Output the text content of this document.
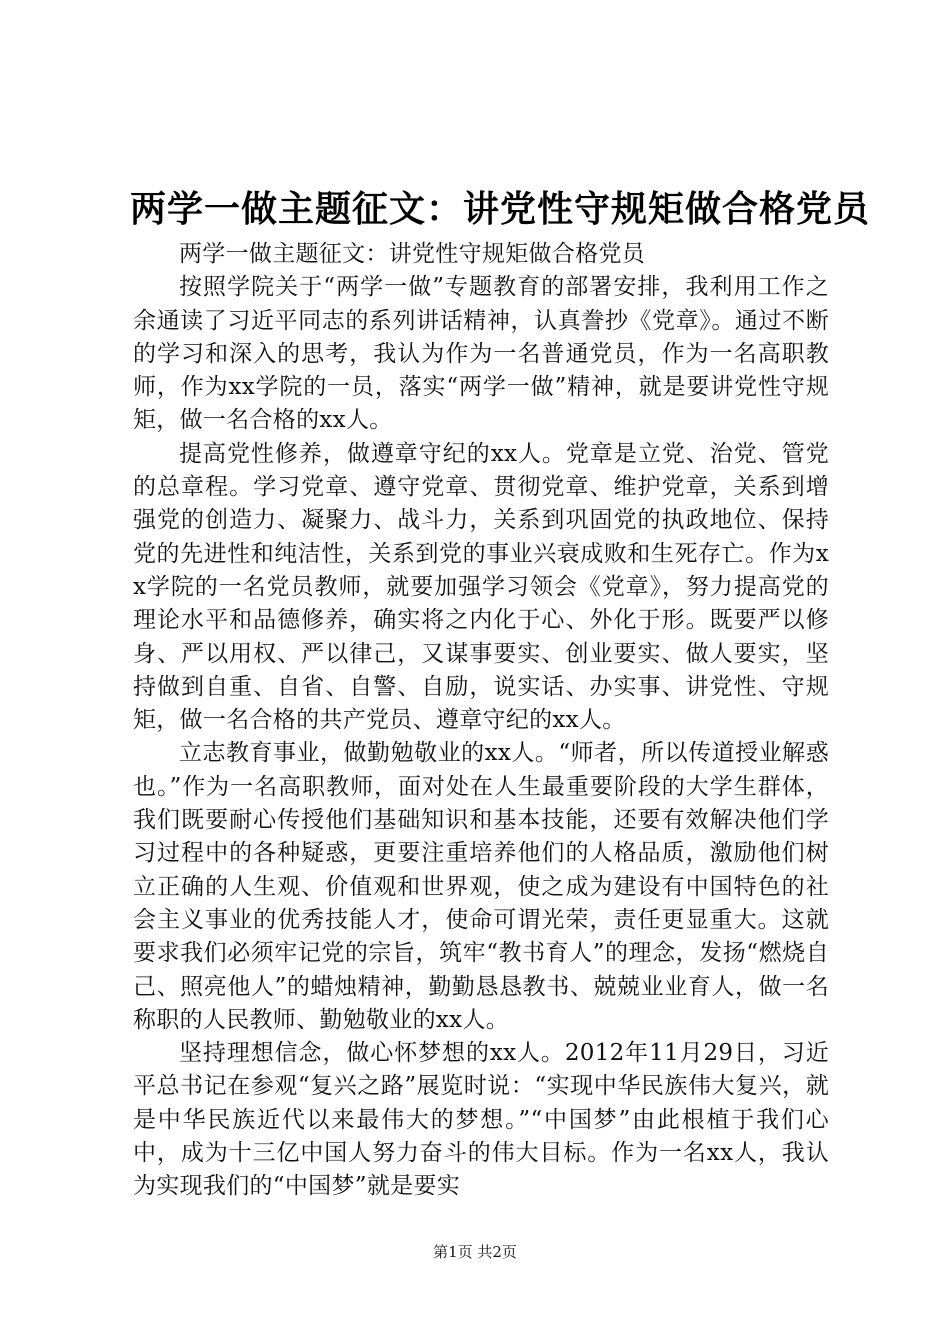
两学一做主题征文：讲党性守规矩做合格党员

两学一做主题征文：讲党性守规矩做合格党员

按照学院关于“两学一做”专题教育的部署安排，我利用工作之余通读了习近平同志的系列讲话精神，认真誊抄《党章》。通过不断的学习和深入的思考，我认为作为一名普通党员，作为一名高职教师，作为xx学院的一员，落实“两学一做”精神，就是要讲党性守规矩，做一名合格的xx人。

提高党性修养，做遵章守纪的xx人。党章是立党、治党、管党的总章程。学习党章、遵守党章、贯彻党章、维护党章，关系到增强党的创造力、凝聚力、战斗力，关系到巩固党的执政地位、保持党的先进性和纯洁性，关系到党的事业兴衰成败和生死存亡。作为xx学院的一名党员教师，就要加强学习领会《党章》，努力提高党的理论水平和品德修养，确实将之内化于心、外化于形。既要严以修身、严以用权、严以律己，又谋事要实、创业要实、做人要实，坚持做到自重、自省、自警、自励，说实话、办实事、讲党性、守规矩，做一名合格的共产党员、遵章守纪的xx人。

立志教育事业，做勤勉敬业的xx人。“师者，所以传道授业解惑也。”作为一名高职教师，面对处在人生最重要阶段的大学生群体，我们既要耐心传授他们基础知识和基本技能，还要有效解决他们学习过程中的各种疑惑，更要注重培养他们的人格品质，激励他们树立正确的人生观、价值观和世界观，使之成为建设有中国特色的社会主义事业的优秀技能人才，使命可谓光荣，责任更显重大。这就要求我们必须牢记党的宗旨，筑牢“教书育人”的理念，发扬“燃烧自己、照亮他人”的蜡烛精神，勤勤恳恳教书、兢兢业业育人，做一名称职的人民教师、勤勉敬业的xx人。

坚持理想信念，做心怀梦想的xx人。2012年11月29日，习近平总书记在参观“复兴之路”展览时说：“实现中华民族伟大复兴，就是中华民族近代以来最伟大的梦想。”“中国梦”由此根植于我们心中，成为十三亿中国人努力奋斗的伟大目标。作为一名xx人，我认为实现我们的“中国梦”就是要实

第1页 共2页
